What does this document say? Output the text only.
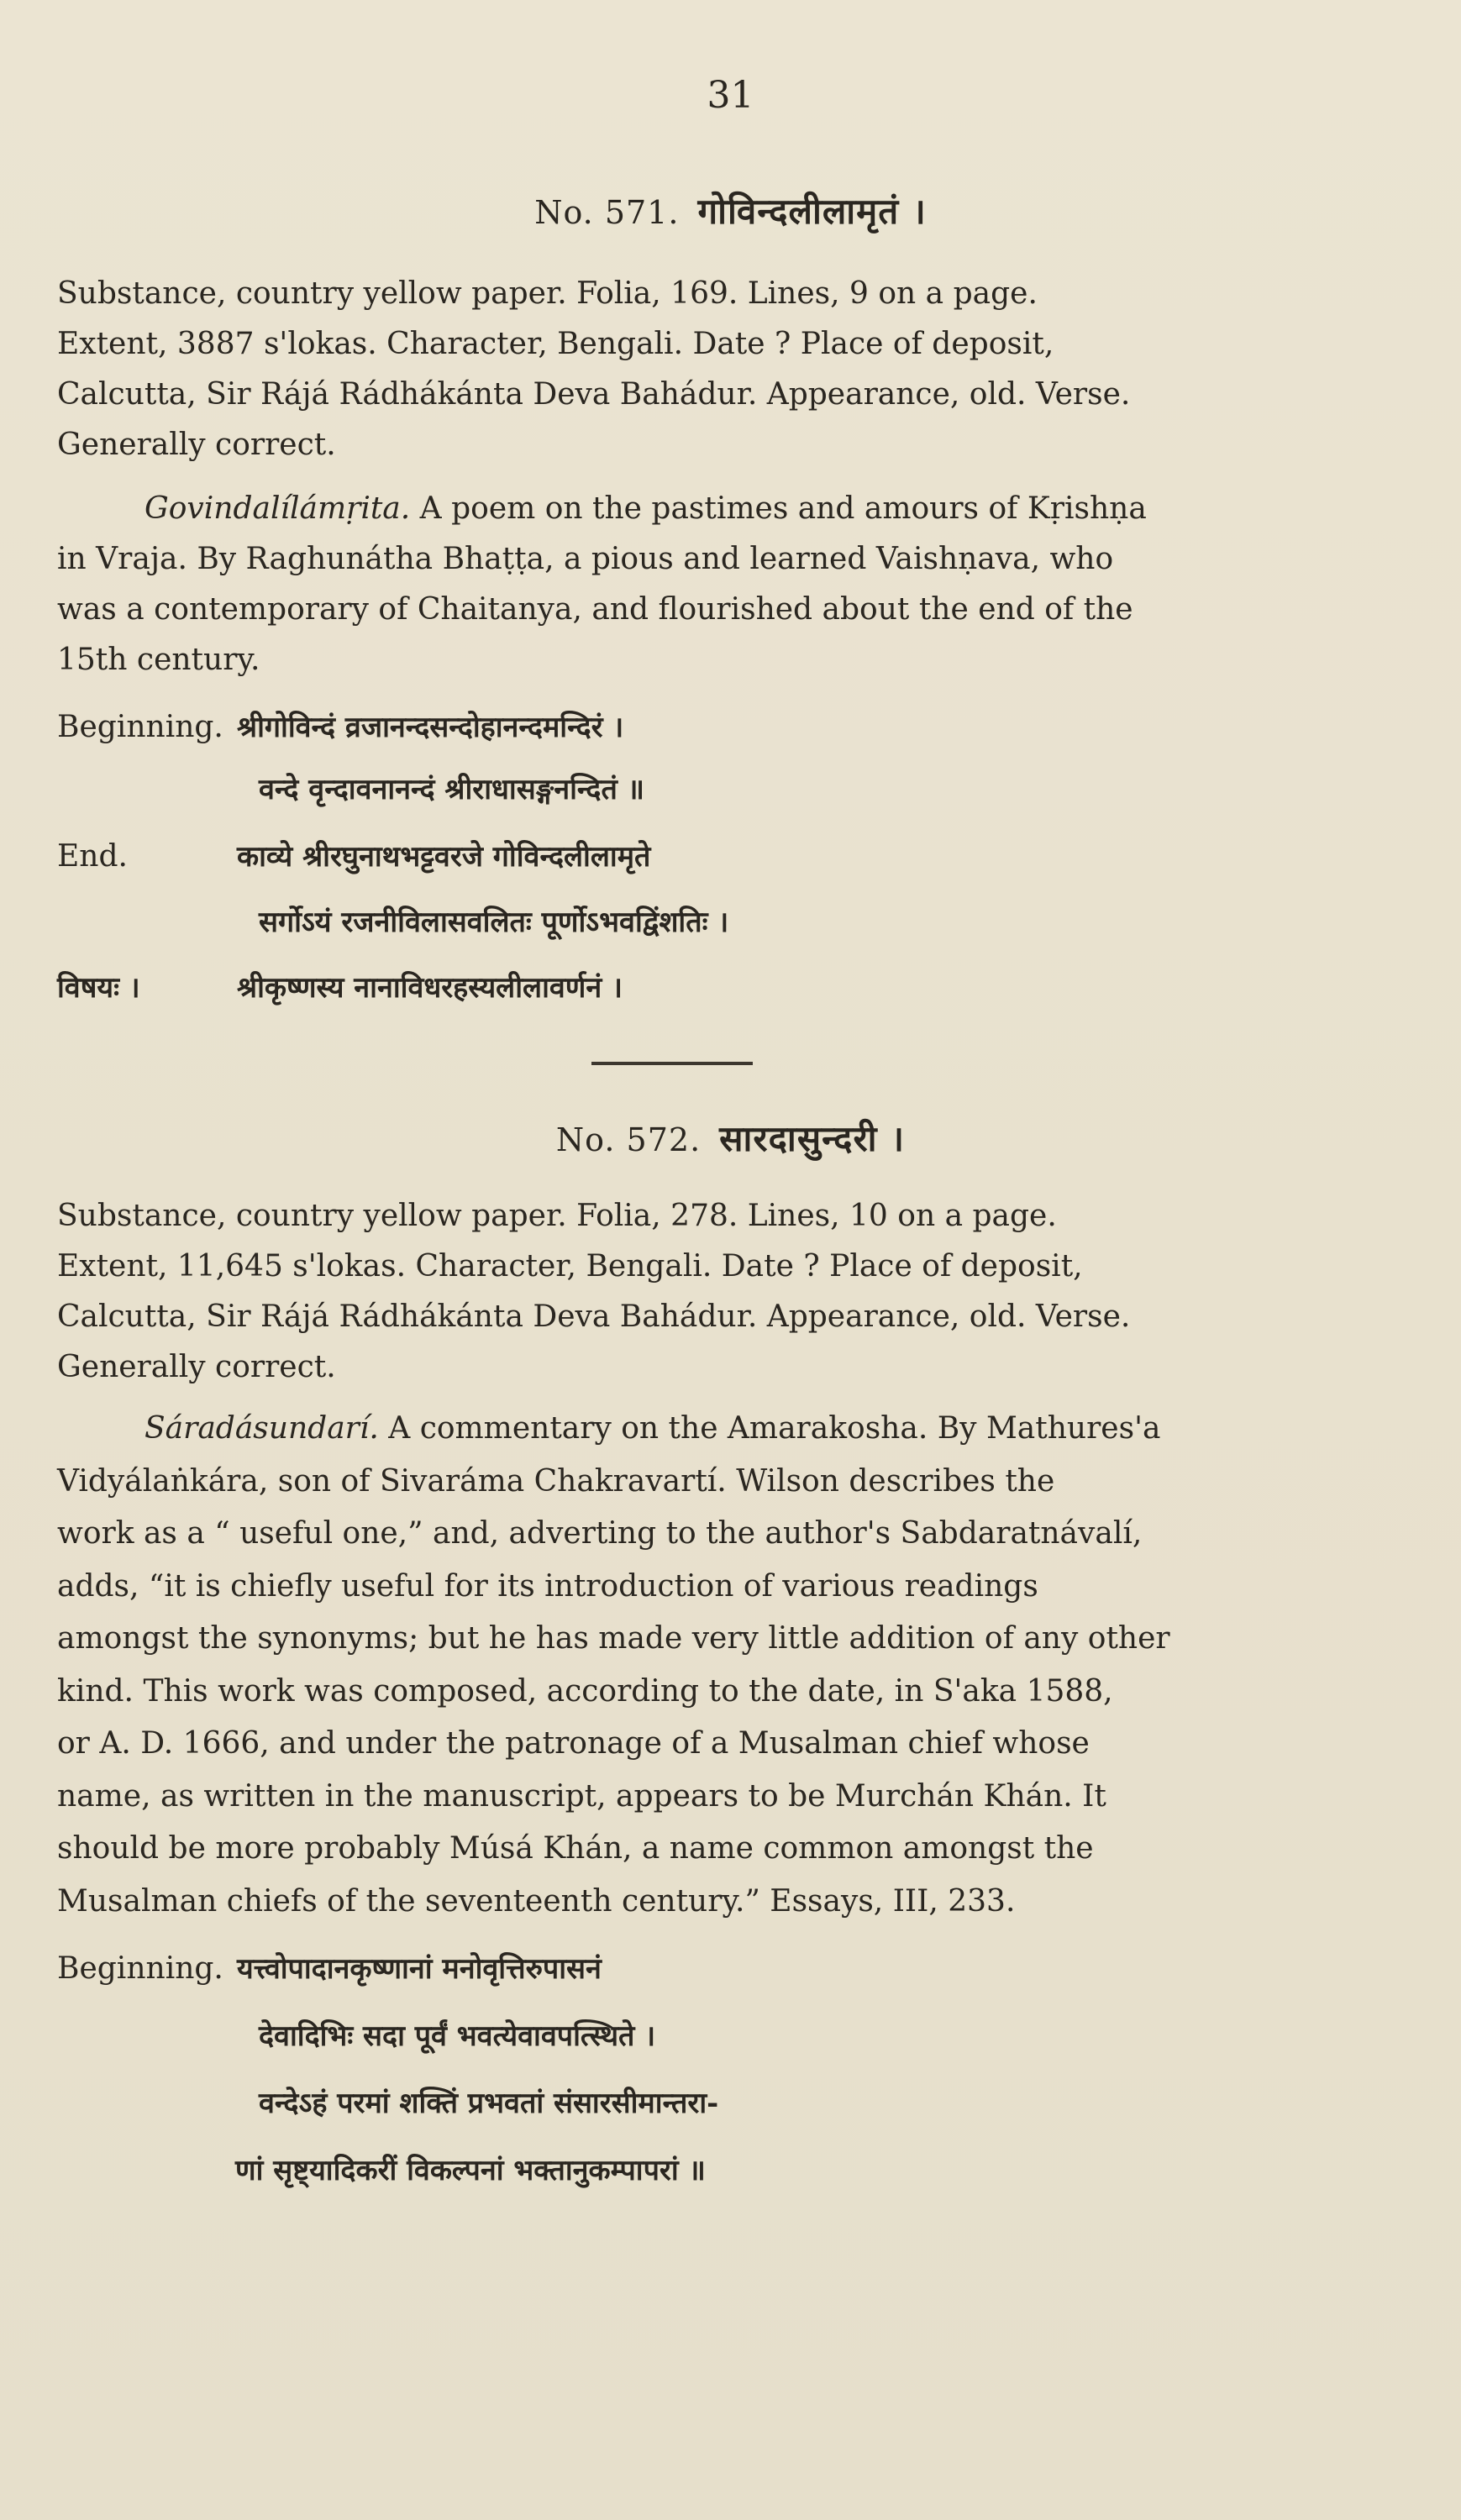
31
No. 571. गोविन्दलीलामृतं ।
Substance, country yellow paper. Folia, 169. Lines, 9 on a page.
Extent, 3887 s'lokas. Character, Bengali. Date ? Place of deposit,
Calcutta, Sir Rájá Rádhákánta Deva Bahádur. Appearance, old. Verse.
Generally correct.
Govindalílámṛita. A poem on the pastimes and amours of Kṛishṇa
in Vraja. By Raghunátha Bhaṭṭa, a pious and learned Vaishṇava, who
was a contemporary of Chaitanya, and flourished about the end of the
15th century.
Beginning. श्रीगोविन्दं व्रजानन्दसन्दोहानन्दमन्दिरं ।
वन्दे वृन्दावनानन्दं श्रीराधासङ्गनन्दितं ॥
End.	काव्ये श्रीरघुनाथभट्टवरजे गोविन्दलीलामृते
सर्गोऽयं रजनीविलासवलितः पूर्णोऽभवद्विंशतिः ।
विषयः ।	श्रीकृष्णस्य नानाविधरहस्यलीलावर्णनं ।
No. 572. सारदासुन्दरी ।
Substance, country yellow paper. Folia, 278. Lines, 10 on a page.
Extent, 11,645 s'lokas. Character, Bengali. Date ? Place of deposit,
Calcutta, Sir Rájá Rádhákánta Deva Bahádur. Appearance, old. Verse.
Generally correct.
Sáradásundarí. A commentary on the Amarakosha. By Mathures'a
Vidyálaṅkára, son of Sivaráma Chakravartí. Wilson describes the
work as a “ useful one,” and, adverting to the author's Sabdaratnávalí,
adds, “it is chiefly useful for its introduction of various readings
amongst the synonyms; but he has made very little addition of any other
kind. This work was composed, according to the date, in S'aka 1588,
or A. D. 1666, and under the patronage of a Musalman chief whose
name, as written in the manuscript, appears to be Murchán Khán. It
should be more probably Músá Khán, a name common amongst the
Musalman chiefs of the seventeenth century.” Essays, III, 233.
Beginning. यत्त्वोपादानकृष्णानां मनोवृत्तिरुपासनं
देवादिभिः सदा पूर्वं भवत्येवावपत्स्थिते ।
वन्देऽहं परमां शक्तिं प्रभवतां संसारसीमान्तरा-
णां सृष्ट्यादिकरीं विकल्पनां भक्तानुकम्पापरां ॥
